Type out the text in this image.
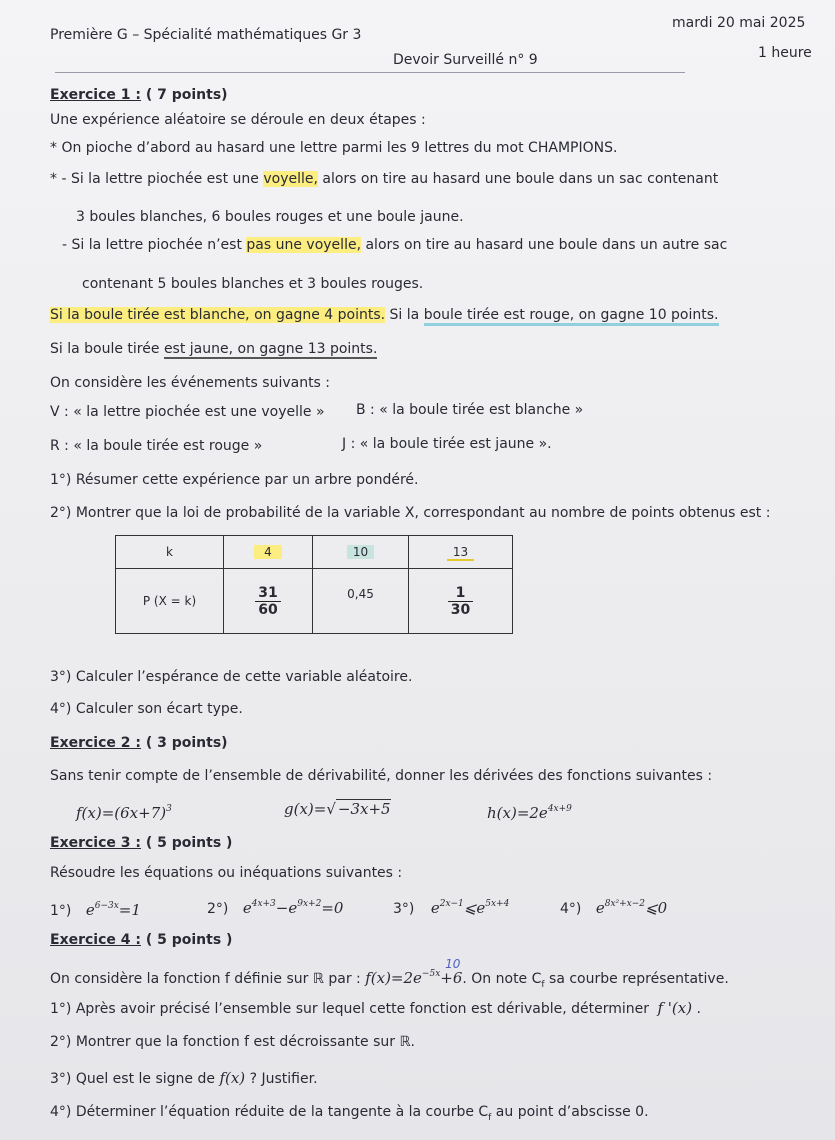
Première G – Spécialité mathématiques Gr 3
mardi 20 mai 2025
Devoir Surveillé n° 9	1 heure
Exercice 1 : ( 7 points)
Une expérience aléatoire se déroule en deux étapes :
* On pioche d’abord au hasard une lettre parmi les 9 lettres du mot CHAMPIONS.
* - Si la lettre piochée est une voyelle, alors on tire au hasard une boule dans un sac contenant
3 boules blanches, 6 boules rouges et une boule jaune.
- Si la lettre piochée n’est pas une voyelle, alors on tire au hasard une boule dans un autre sac
contenant 5 boules blanches et 3 boules rouges.
Si la boule tirée est blanche, on gagne 4 points. Si la boule tirée est rouge, on gagne 10 points.
Si la boule tirée est jaune, on gagne 13 points.
On considère les événements suivants :
V : « la lettre piochée est une voyelle » B : « la boule tirée est blanche »
R : « la boule tirée est rouge »	J : « la boule tirée est jaune ».
1°) Résumer cette expérience par un arbre pondéré.
2°) Montrer que la loi de probabilité de la variable X, correspondant au nombre de points obtenus est :
k	4	10	13
P (X = k)	$\frac{31}{60}$	0,45	$\frac{1}{30}$
3°) Calculer l’espérance de cette variable aléatoire.
4°) Calculer son écart type.
Exercice 2 : ( 3 points)
Sans tenir compte de l’ensemble de dérivabilité, donner les dérivées des fonctions suivantes :
$f(x)=(6x+7)^3$	g(x)=√ −3x+5	$h(x)=2e^{4x+9}$
Exercice 3 : ( 5 points )
Résoudre les équations ou inéquations suivantes :
1°) $e^{6-3x}=1$	2°) $e^{4x+3}-e^{9x+2}=0$	3°) $e^{2x-1}⩽e^{5x+4}$	4°) $e^{8x^2+x-2}⩽0$
Exercice 4 : ( 5 points )
On considère la fonction f définie sur ℝ par : $f(x)=2e^{-5x}+6$
10
. On note $C_f$ sa courbe représentative.
1°) Après avoir précisé l’ensemble sur lequel cette fonction est dérivable, déterminer f '(x) .
2°) Montrer que la fonction f est décroissante sur ℝ.
3°) Quel est le signe de f(x) ? Justifier.
4°) Déterminer l’équation réduite de la tangente à la courbe $C_f$ au point d’abscisse 0.
